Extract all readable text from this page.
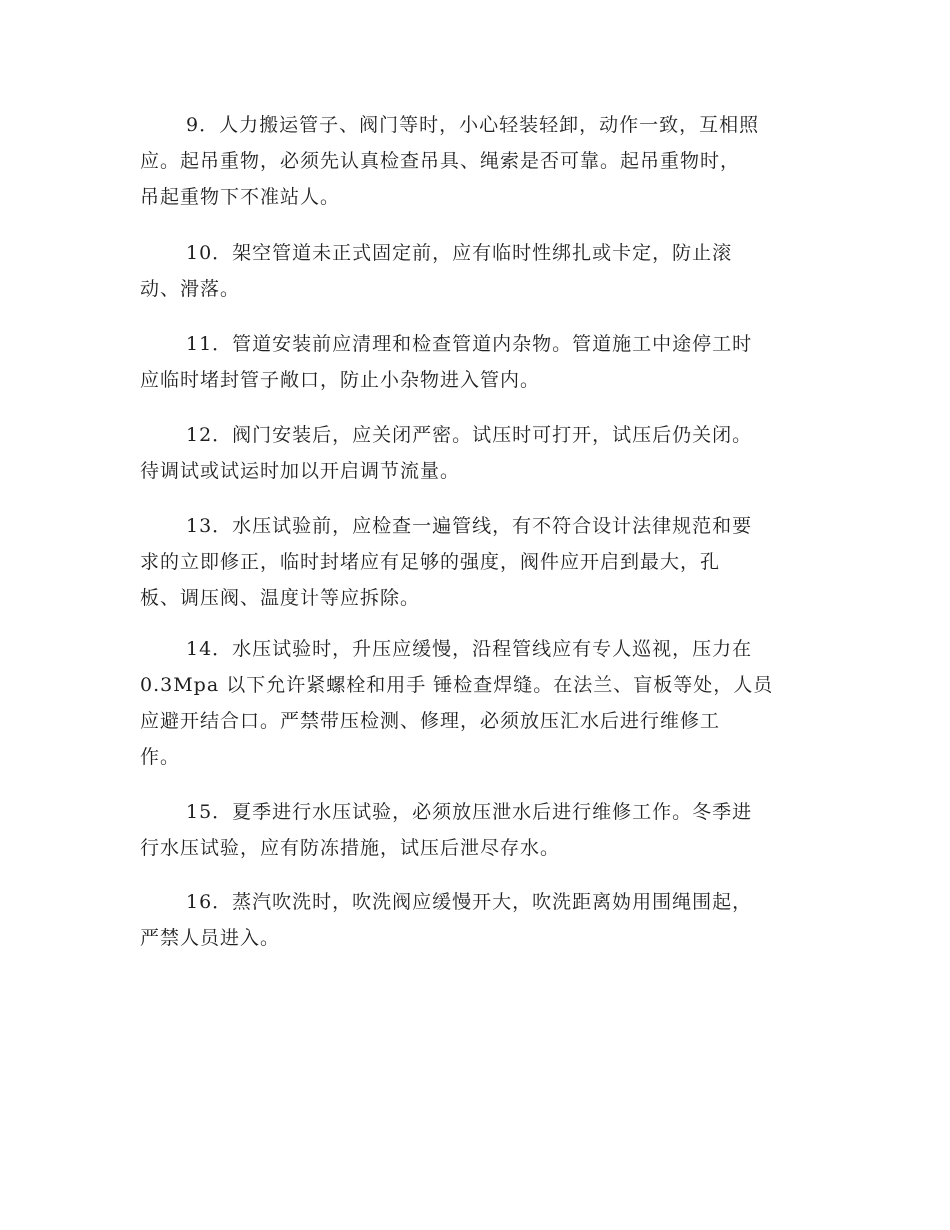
9．人力搬运管子、阀门等时，小心轻装轻卸，动作一致，互相照
应。起吊重物，必须先认真检查吊具、绳索是否可靠。起吊重物时，
吊起重物下不准站人。
10．架空管道未正式固定前，应有临时性绑扎或卡定，防止滚
动、滑落。
11．管道安装前应清理和检查管道内杂物。管道施工中途停工时
应临时堵封管子敞口，防止小杂物进入管内。
12．阀门安装后，应关闭严密。试压时可打开，试压后仍关闭。
待调试或试运时加以开启调节流量。
13．水压试验前，应检查一遍管线，有不符合设计法律规范和要
求的立即修正，临时封堵应有足够的强度，阀件应开启到最大，孔
板、调压阀、温度计等应拆除。
14．水压试验时，升压应缓慢，沿程管线应有专人巡视，压力在
0.3Mpa 以下允许紧螺栓和用手 锤检查焊缝。在法兰、盲板等处，人员
应避开结合口。严禁带压检测、修理，必须放压汇水后进行维修工
作。
15．夏季进行水压试验，必须放压泄水后进行维修工作。冬季进
行水压试验，应有防冻措施，试压后泄尽存水。
16．蒸汽吹洗时，吹洗阀应缓慢开大，吹洗距离妫用围绳围起，
严禁人员进入。
